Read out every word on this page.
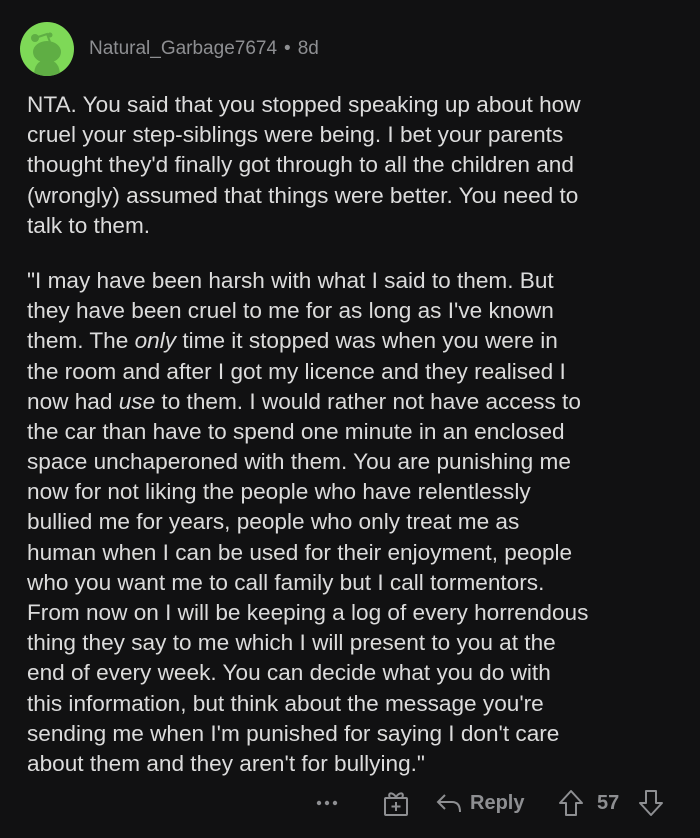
Natural_Garbage7674 • 8d
NTA. You said that you stopped speaking up about how
cruel your step-siblings were being. I bet your parents
thought they'd finally got through to all the children and
(wrongly) assumed that things were better. You need to
talk to them.
"I may have been harsh with what I said to them. But
they have been cruel to me for as long as I've known
them. The only time it stopped was when you were in
the room and after I got my licence and they realised I
now had use to them. I would rather not have access to
the car than have to spend one minute in an enclosed
space unchaperoned with them. You are punishing me
now for not liking the people who have relentlessly
bullied me for years, people who only treat me as
human when I can be used for their enjoyment, people
who you want me to call family but I call tormentors.
From now on I will be keeping a log of every horrendous
thing they say to me which I will present to you at the
end of every week. You can decide what you do with
this information, but think about the message you're
sending me when I'm punished for saying I don't care
about them and they aren't for bullying."
Reply	57
